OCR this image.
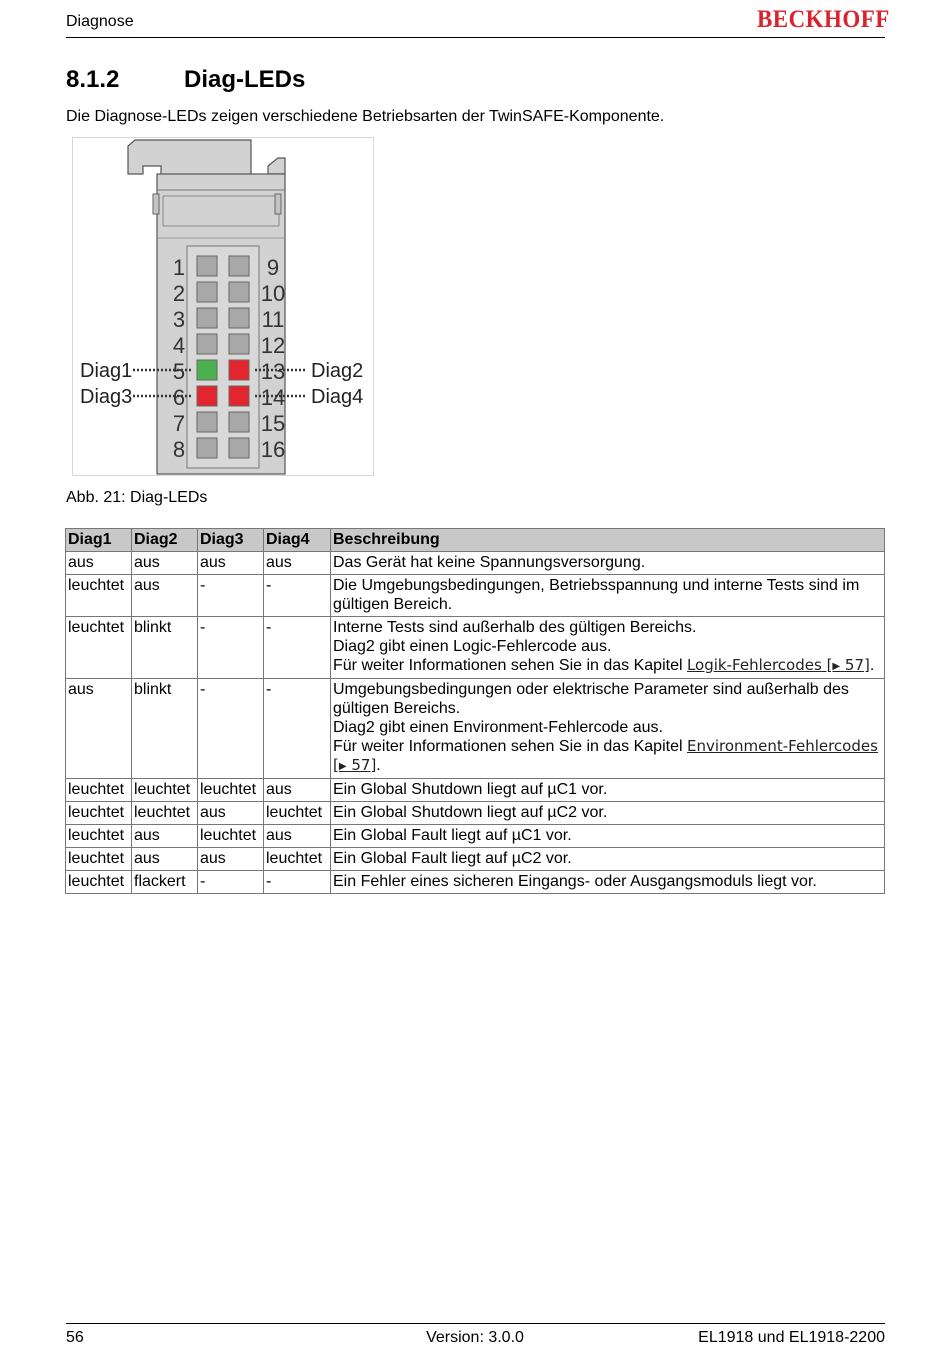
Diagnose	BECKHOFF
8.1.2	Diag-LEDs
Die Diagnose-LEDs zeigen verschiedene Betriebsarten der TwinSAFE-Komponente.
1	9
2	10
3	11
4	12
5	13
6	14
7	15
8	16
Diag1
Diag3
Diag2
Diag4
Abb. 21: Diag-LEDs
Diag1	Diag2	Diag3	Diag4	Beschreibung
aus	aus	aus	aus	Das Gerät hat keine Spannungsversorgung.

leuchtet	aus	-	-	Die Umgebungsbedingungen, Betriebsspannung und interne Tests sind im gültigen Bereich.

leuchtet	blinkt	-	-	Interne Tests sind außerhalb des gültigen Bereichs.
Diag2 gibt einen Logic-Fehlercode aus.
Für weiter Informationen sehen Sie in das Kapitel Logik-Fehlercodes [▶ 57].

aus	blinkt	-	-	Umgebungsbedingungen oder elektrische Parameter sind außerhalb des gültigen Bereichs.
Diag2 gibt einen Environment-Fehlercode aus.
Für weiter Informationen sehen Sie in das Kapitel Environment-Fehlercodes [▶ 57].

leuchtet	leuchtet	leuchtet	aus	Ein Global Shutdown liegt auf µC1 vor.

leuchtet	leuchtet	aus	leuchtet	Ein Global Shutdown liegt auf µC2 vor.

leuchtet	aus	leuchtet	aus	Ein Global Fault liegt auf µC1 vor.

leuchtet	aus	aus	leuchtet	Ein Global Fault liegt auf µC2 vor.

leuchtet	flackert	-	-	Ein Fehler eines sicheren Eingangs- oder Ausgangsmoduls liegt vor.
56	Version: 3.0.0	EL1918 und EL1918-2200
